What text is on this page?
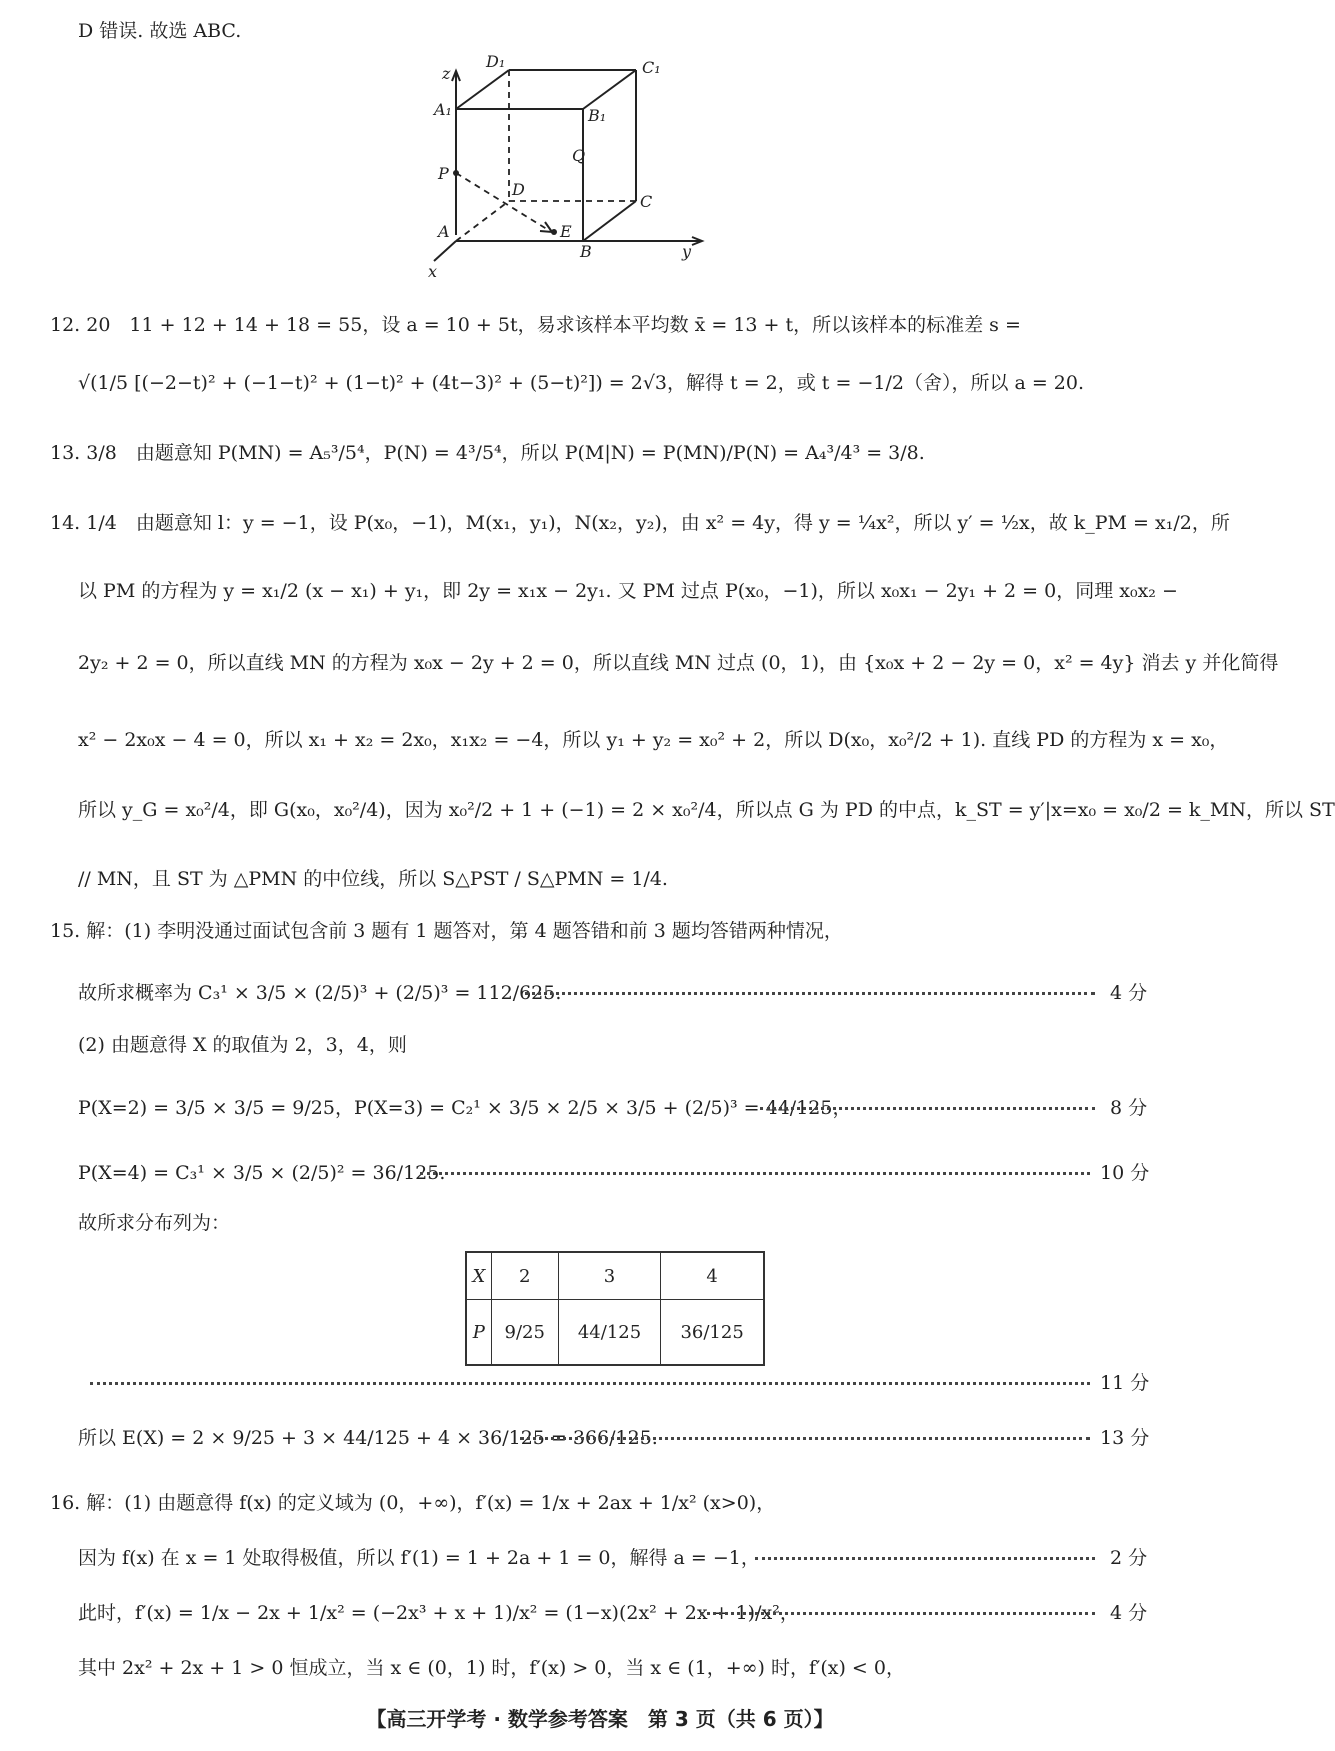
D 错误. 故选 ABC.
z
D₁	C₁
A₁	B₁
Q
P
D
C
A	E
B	y
x
12. 20　11 + 12 + 14 + 18 = 55，设 a = 10 + 5t，易求该样本平均数 x̄ = 13 + t，所以该样本的标准差 s =
√(1/5 [(−2−t)² + (−1−t)² + (1−t)² + (4t−3)² + (5−t)²]) = 2√3，解得 t = 2，或 t = −1/2（舍），所以 a = 20.
13. 3/8　由题意知 P(MN) = A₅³/5⁴，P(N) = 4³/5⁴，所以 P(M|N) = P(MN)/P(N) = A₄³/4³ = 3/8.
14. 1/4　由题意知 l：y = −1，设 P(x₀，−1)，M(x₁，y₁)，N(x₂，y₂)，由 x² = 4y，得 y = ¼x²，所以 y′ = ½x，故 k_PM = x₁/2，所
以 PM 的方程为 y = x₁/2 (x − x₁) + y₁，即 2y = x₁x − 2y₁. 又 PM 过点 P(x₀，−1)，所以 x₀x₁ − 2y₁ + 2 = 0，同理 x₀x₂ −
2y₂ + 2 = 0，所以直线 MN 的方程为 x₀x − 2y + 2 = 0，所以直线 MN 过点 (0，1)，由 {x₀x + 2 − 2y = 0，x² = 4y} 消去 y 并化简得
x² − 2x₀x − 4 = 0，所以 x₁ + x₂ = 2x₀，x₁x₂ = −4，所以 y₁ + y₂ = x₀² + 2，所以 D(x₀，x₀²/2 + 1). 直线 PD 的方程为 x = x₀，
所以 y_G = x₀²/4，即 G(x₀，x₀²/4)，因为 x₀²/2 + 1 + (−1) = 2 × x₀²/4，所以点 G 为 PD 的中点，k_ST = y′|x=x₀ = x₀/2 = k_MN，所以 ST
// MN，且 ST 为 △PMN 的中位线，所以 S△PST / S△PMN = 1/4.
15. 解：(1) 李明没通过面试包含前 3 题有 1 题答对，第 4 题答错和前 3 题均答错两种情况，
故所求概率为 C₃¹ × 3/5 × (2/5)³ + (2/5)³ = 112/625.	4 分
(2) 由题意得 X 的取值为 2，3，4，则
P(X=2) = 3/5 × 3/5 = 9/25，P(X=3) = C₂¹ × 3/5 × 2/5 × 3/5 + (2/5)³ = 44/125，	8 分
P(X=4) = C₃¹ × 3/5 × (2/5)² = 36/125.	10 分
故所求分布列为：
X	2	3	4
P	9/25	44/125	36/125
11 分
所以 E(X) = 2 × 9/25 + 3 × 44/125 + 4 × 36/125 = 366/125.	13 分
16. 解：(1) 由题意得 f(x) 的定义域为 (0，+∞)，f′(x) = 1/x + 2ax + 1/x² (x>0)，
因为 f(x) 在 x = 1 处取得极值，所以 f′(1) = 1 + 2a + 1 = 0，解得 a = −1，	2 分
此时，f′(x) = 1/x − 2x + 1/x² = (−2x³ + x + 1)/x² = (1−x)(2x² + 2x + 1)/x²，	4 分
其中 2x² + 2x + 1 > 0 恒成立，当 x ∈ (0，1) 时，f′(x) > 0，当 x ∈ (1，+∞) 时，f′(x) < 0，
【高三开学考 · 数学参考答案　第 3 页（共 6 页）】
